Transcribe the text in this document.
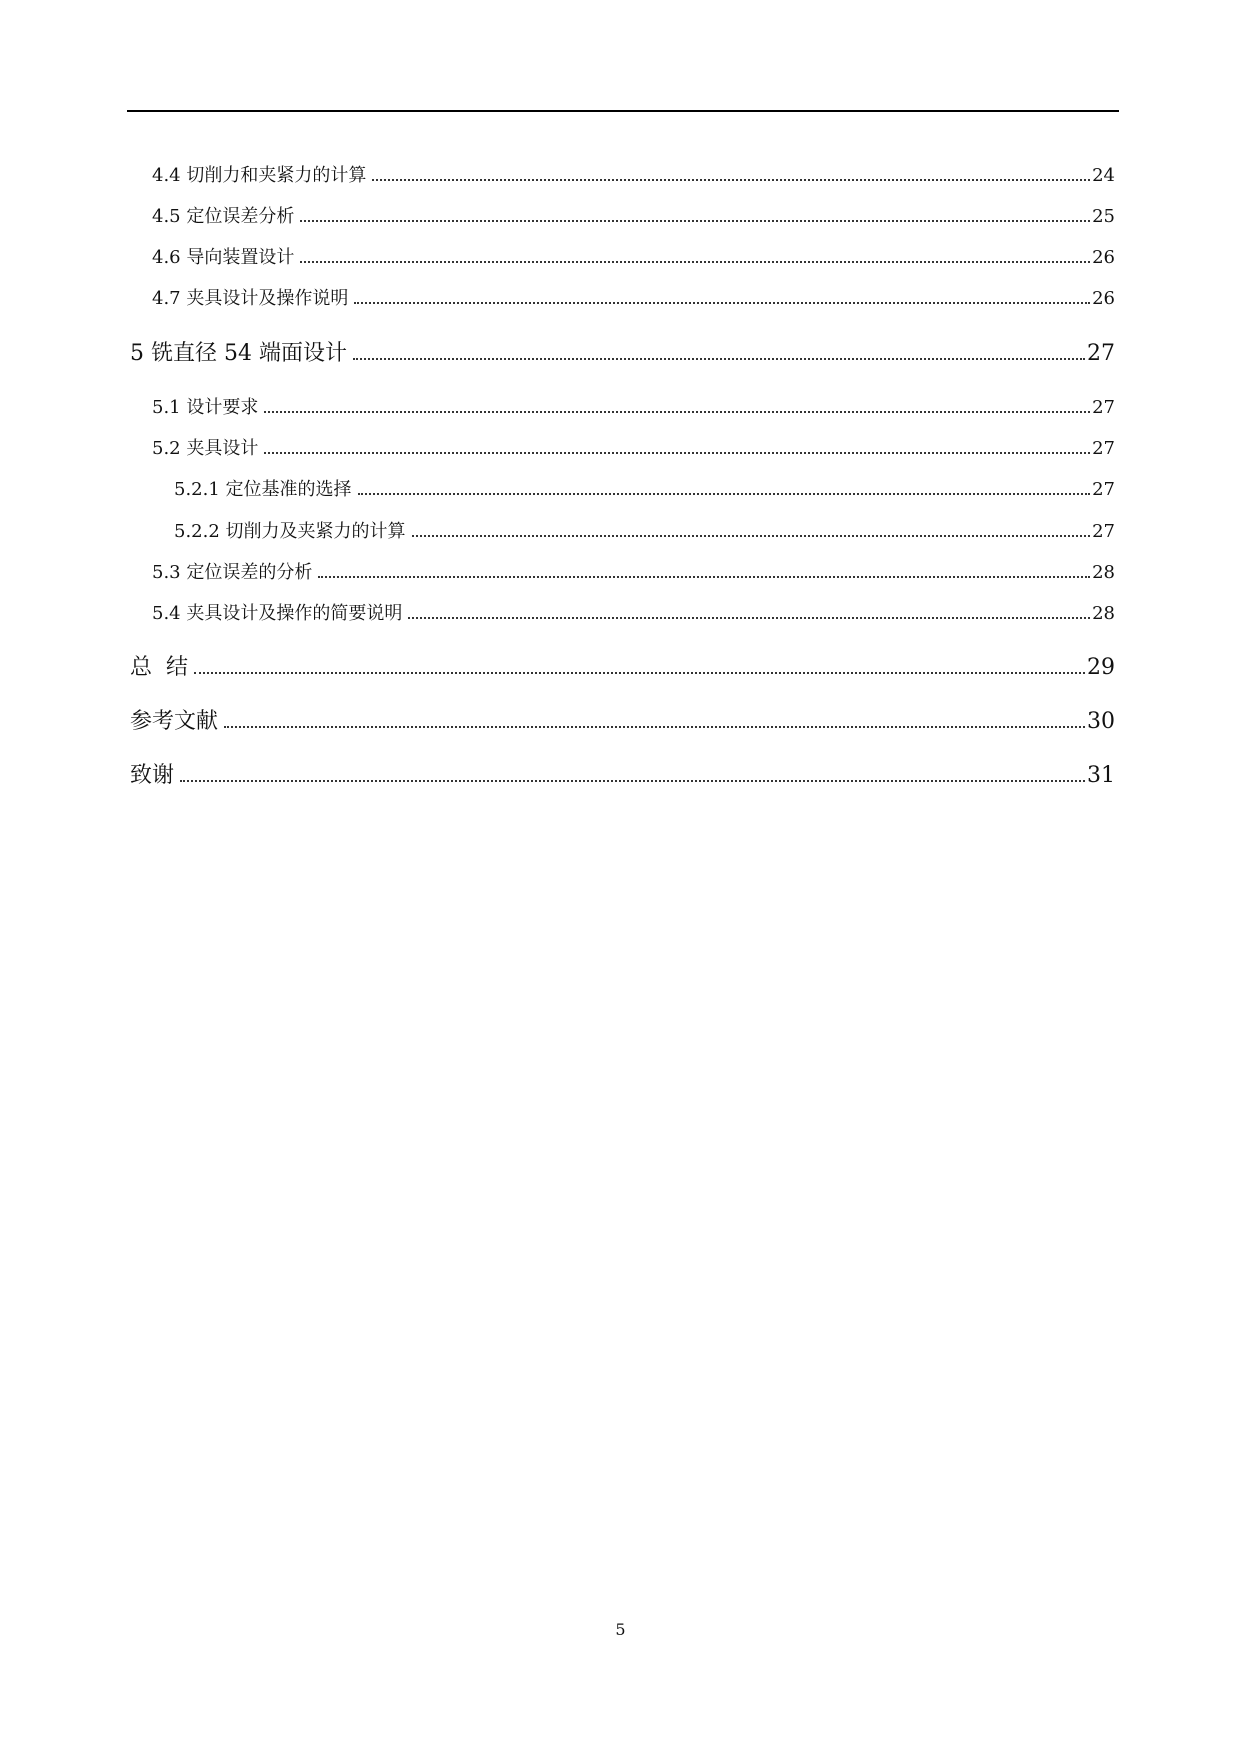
4.4 切削力和夹紧力的计算	24
4.5 定位误差分析	25
4.6 导向装置设计	26
4.7 夹具设计及操作说明	26
5 铣直径 54 端面设计	27
5.1 设计要求	27
5.2 夹具设计	27
5.2.1 定位基准的选择	27
5.2.2 切削力及夹紧力的计算	27
5.3 定位误差的分析	28
5.4 夹具设计及操作的简要说明	28
总  结	29
参考文献	30
致谢	31
5
